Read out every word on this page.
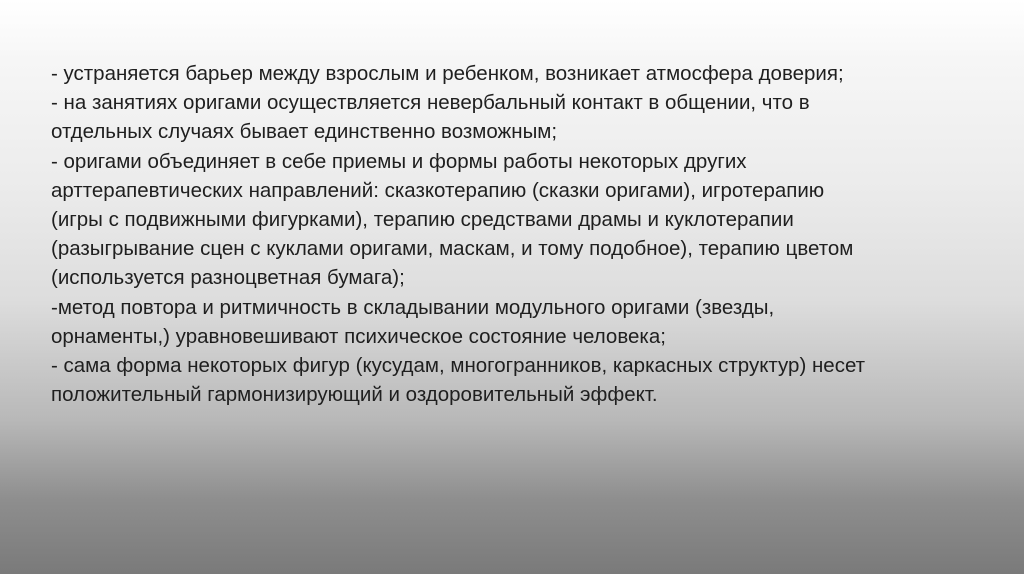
- устраняется барьер между взрослым и ребенком, возникает атмосфера доверия;
- на занятиях оригами осуществляется невербальный контакт в общении, что в
отдельных случаях бывает единственно возможным;
- оригами объединяет в себе приемы и формы работы некоторых других
арттерапевтических направлений: сказкотерапию (сказки оригами), игротерапию
(игры с подвижными фигурками), терапию средствами драмы и куклотерапии
(разыгрывание сцен с куклами оригами, маскам, и тому подобное), терапию цветом
(используется разноцветная бумага);
-метод повтора и ритмичность в складывании модульного оригами (звезды,
орнаменты,) уравновешивают психическое состояние человека;
- сама форма некоторых фигур (кусудам, многогранников, каркасных структур) несет
положительный гармонизирующий и оздоровительный эффект.
